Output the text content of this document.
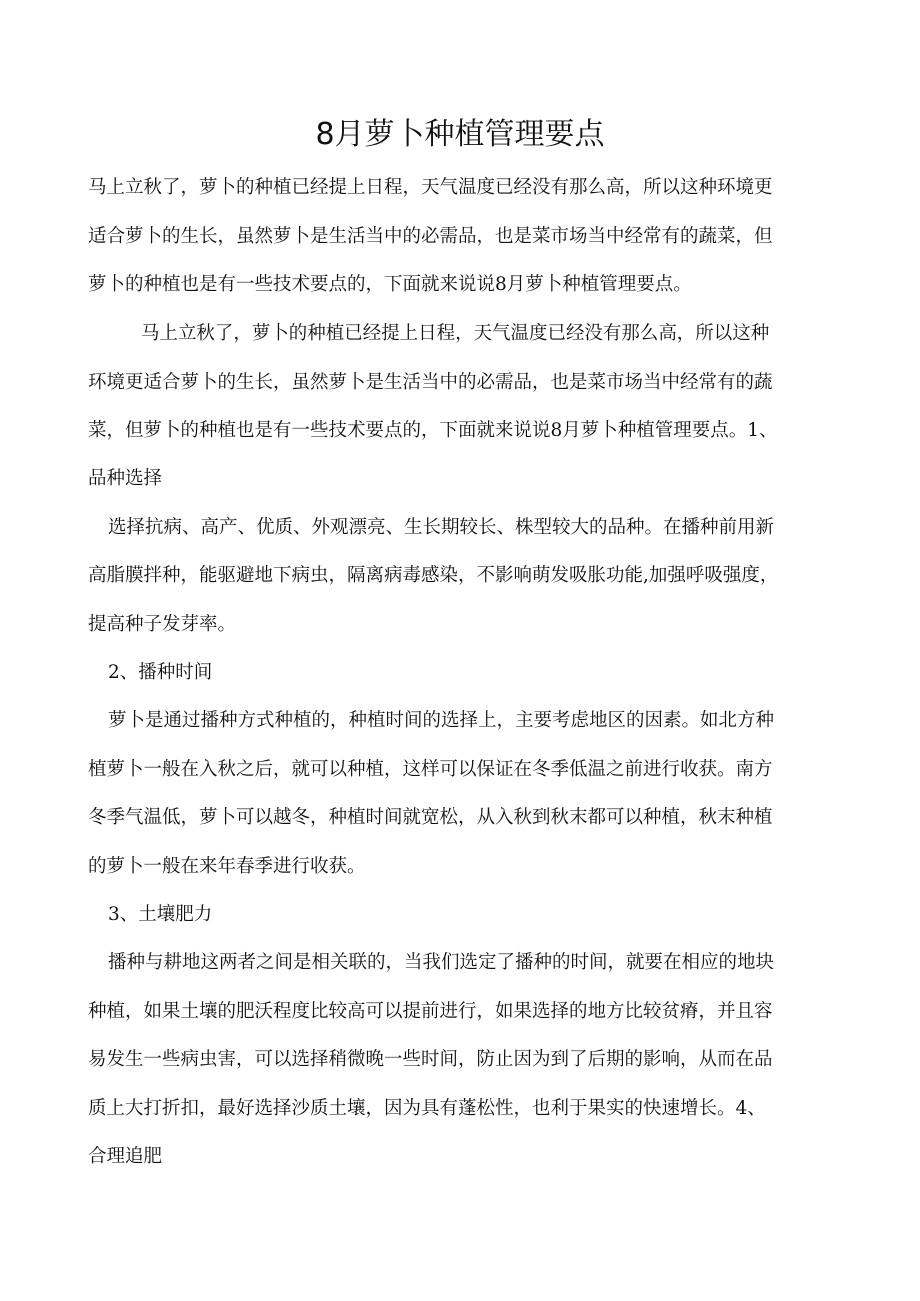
8月萝卜种植管理要点

马上立秋了，萝卜的种植已经提上日程，天气温度已经没有那么高，所以这种环境更

适合萝卜的生长，虽然萝卜是生活当中的必需品，也是菜市场当中经常有的蔬菜，但

萝卜的种植也是有一些技术要点的，下面就来说说8月萝卜种植管理要点。

马上立秋了，萝卜的种植已经提上日程，天气温度已经没有那么高，所以这种

环境更适合萝卜的生长，虽然萝卜是生活当中的必需品，也是菜市场当中经常有的蔬

菜，但萝卜的种植也是有一些技术要点的，下面就来说说8月萝卜种植管理要点。1、

品种选择

选择抗病、高产、优质、外观漂亮、生长期较长、株型较大的品种。在播种前用新

高脂膜拌种，能驱避地下病虫，隔离病毒感染，不影响萌发吸胀功能,加强呼吸强度，

提高种子发芽率。

2、播种时间

萝卜是通过播种方式种植的，种植时间的选择上，主要考虑地区的因素。如北方种

植萝卜一般在入秋之后，就可以种植，这样可以保证在冬季低温之前进行收获。南方

冬季气温低，萝卜可以越冬，种植时间就宽松，从入秋到秋末都可以种植，秋末种植

的萝卜一般在来年春季进行收获。

3、土壤肥力

播种与耕地这两者之间是相关联的，当我们选定了播种的时间，就要在相应的地块

种植，如果土壤的肥沃程度比较高可以提前进行，如果选择的地方比较贫瘠，并且容

易发生一些病虫害，可以选择稍微晚一些时间，防止因为到了后期的影响，从而在品

质上大打折扣，最好选择沙质土壤，因为具有蓬松性，也利于果实的快速增长。4、

合理追肥
